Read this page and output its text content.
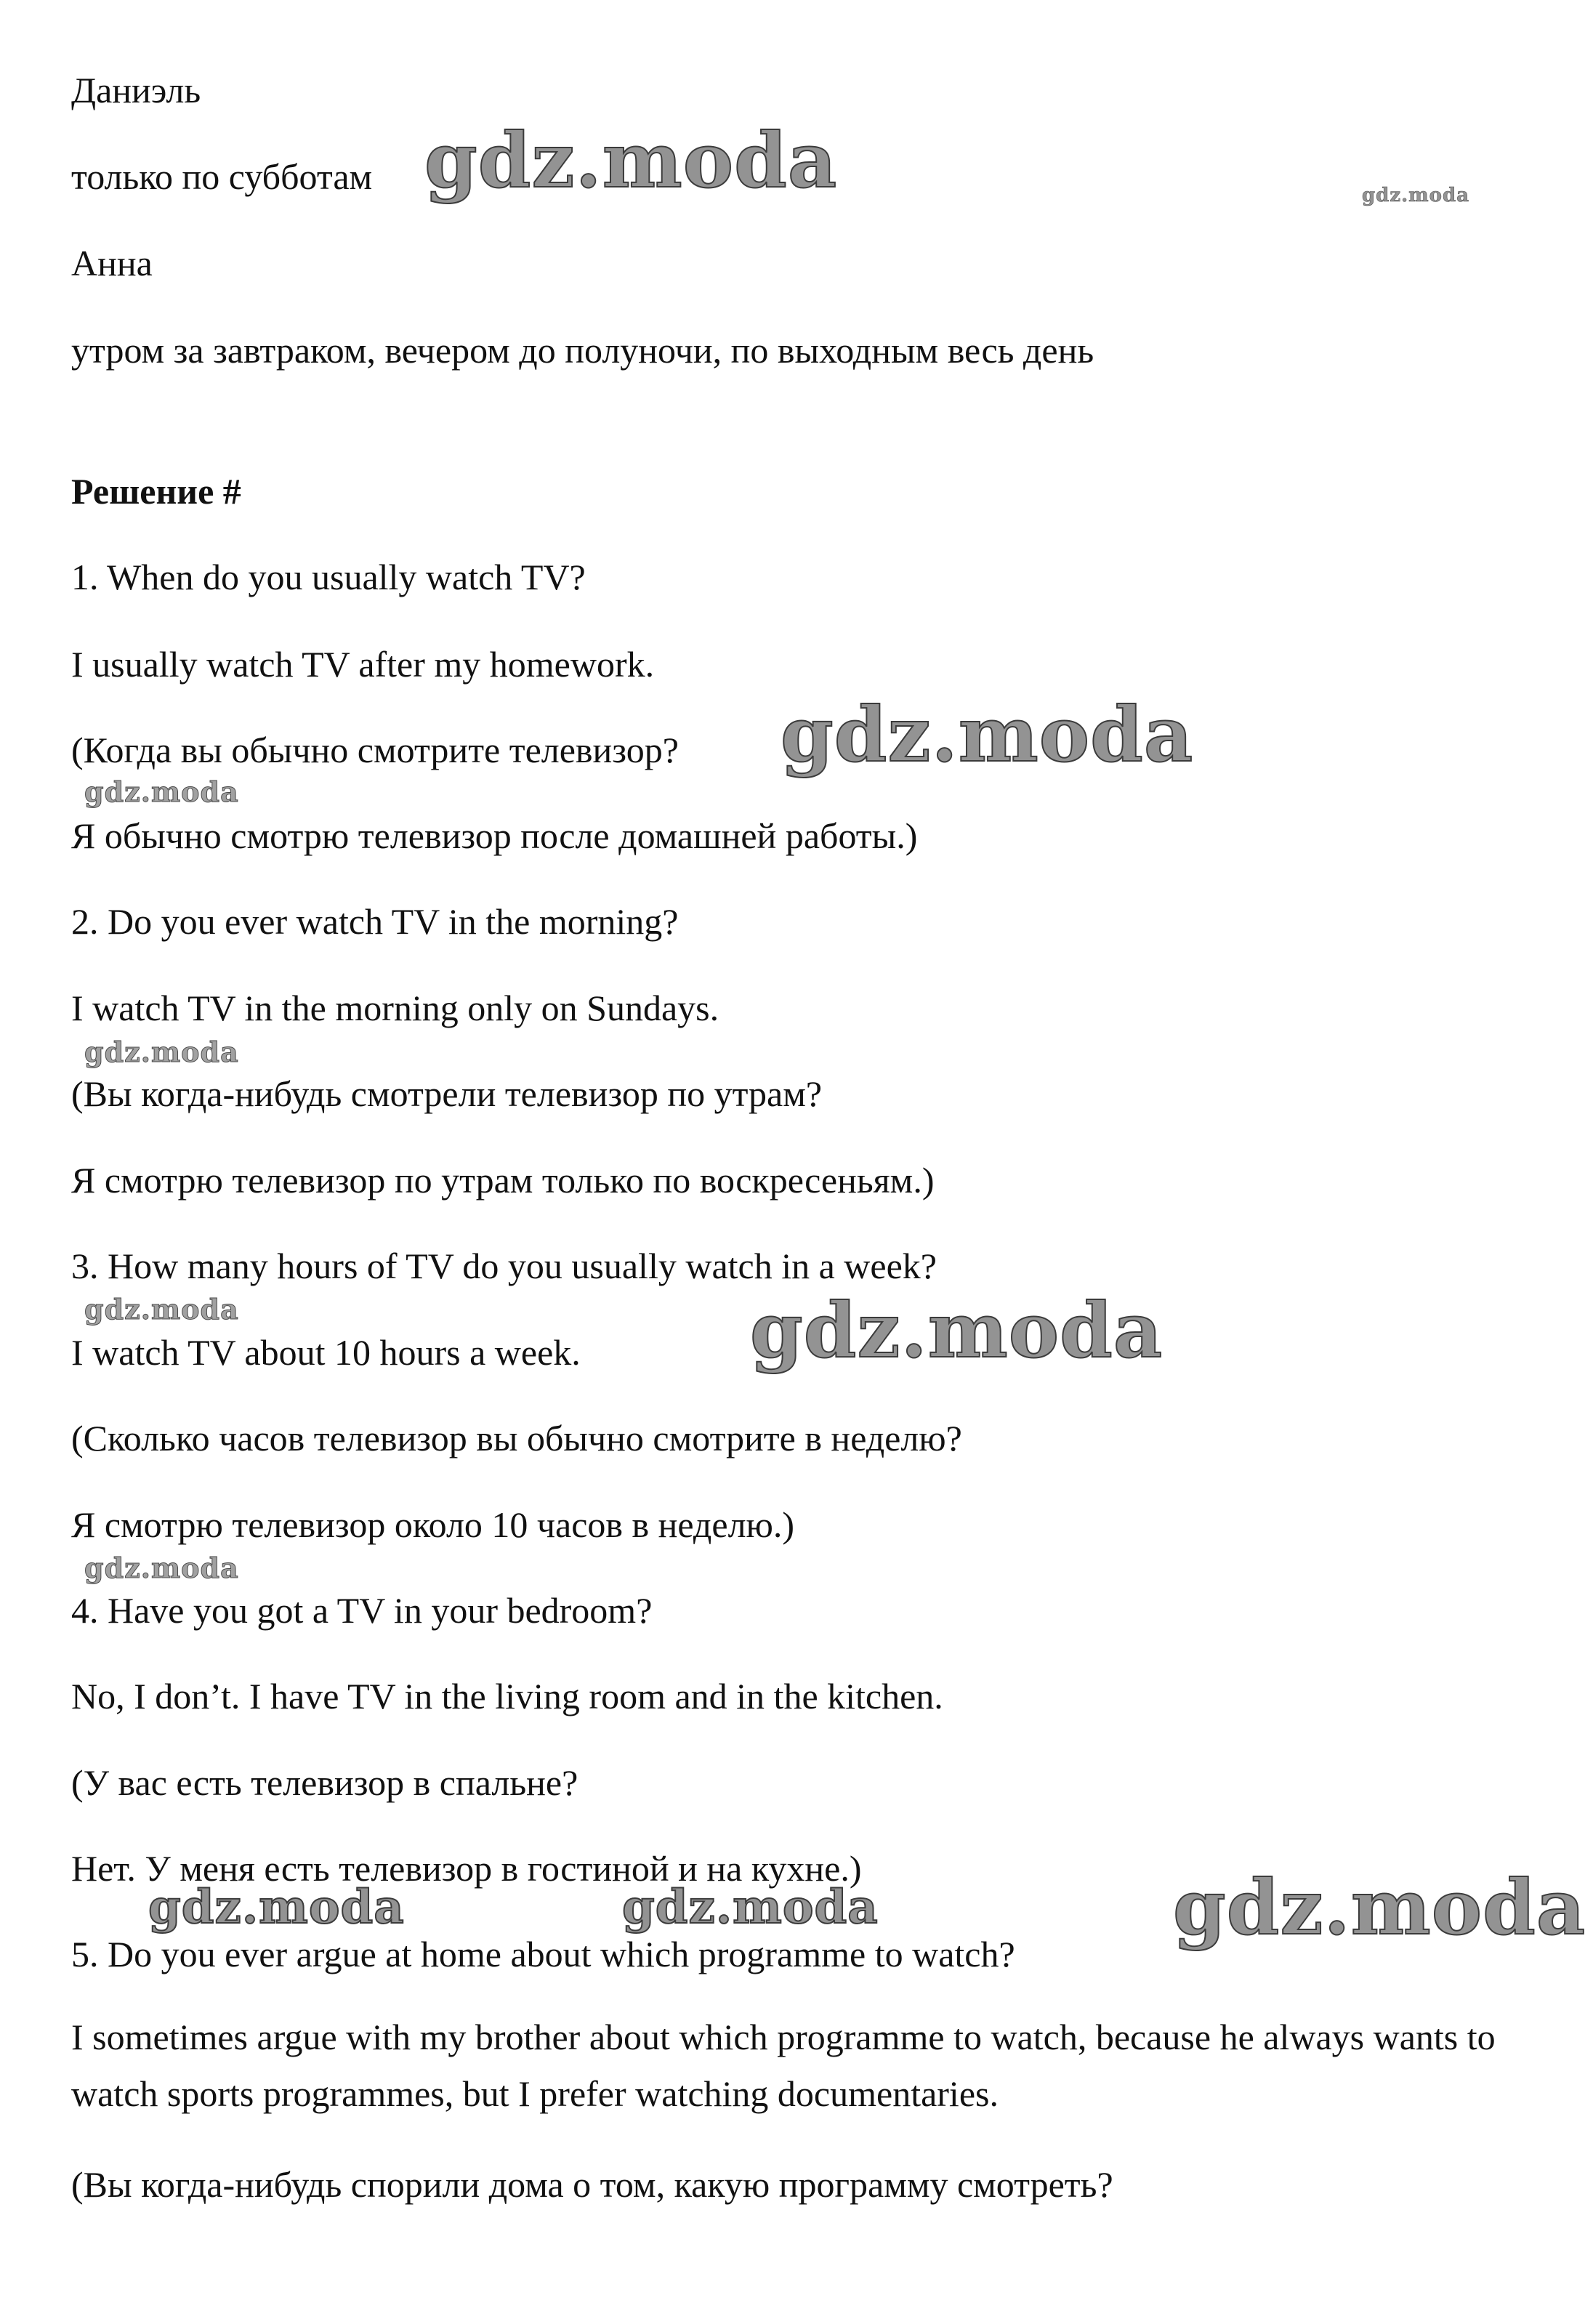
Даниэль
только по субботам
Анна
утром за завтраком, вечером до полуночи, по выходным весь день
Решение #
1. When do you usually watch TV?
I usually watch TV after my homework.
(Когда вы обычно смотрите телевизор?
Я обычно смотрю телевизор после домашней работы.)
2. Do you ever watch TV in the morning?
I watch TV in the morning only on Sundays.
(Вы когда-нибудь смотрели телевизор по утрам?
Я смотрю телевизор по утрам только по воскресеньям.)
3. How many hours of TV do you usually watch in a week?
I watch TV about 10 hours a week.
(Сколько часов телевизор вы обычно смотрите в неделю?
Я смотрю телевизор около 10 часов в неделю.)
4. Have you got a TV in your bedroom?
No, I don’t. I have TV in the living room and in the kitchen.
(У вас есть телевизор в спальне?
Нет. У меня есть телевизор в гостиной и на кухне.)
5. Do you ever argue at home about which programme to watch?
I sometimes argue with my brother about which programme to watch, because he always wants to watch sports programmes, but I prefer watching documentaries.
(Вы когда-нибудь спорили дома о том, какую программу смотреть?
gdz.moda	gdz.moda
gdz.moda
gdz.moda
gdz.moda
gdz.moda	gdz.moda
gdz.moda
gdz.moda	gdz.moda	gdz.moda
